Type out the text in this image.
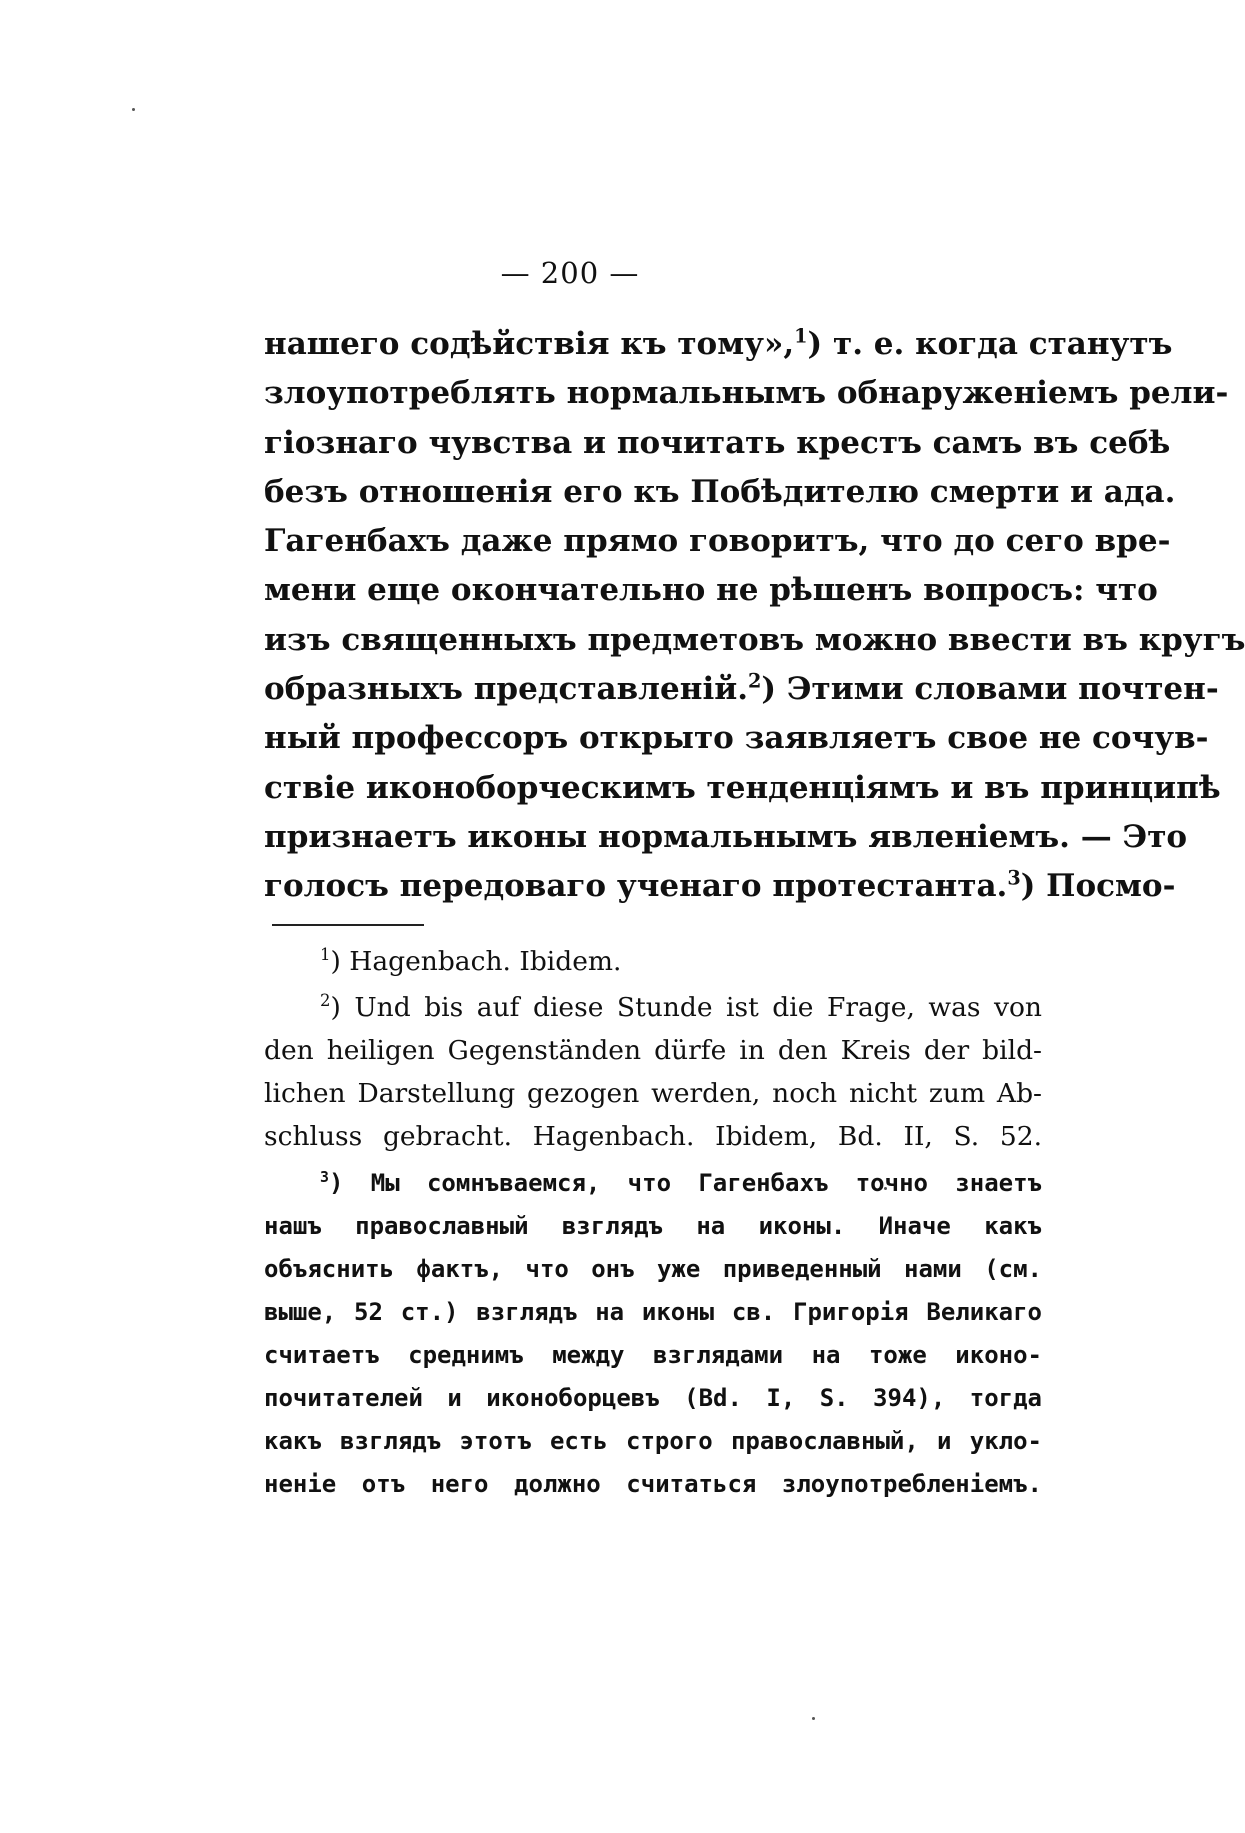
— 200 —
нашего содѣйствія къ тому»,$^1$) т. е. когда станутъ
злоупотреблять нормальнымъ обнаруженіемъ рели-
гіознаго чувства и почитать крестъ самъ въ себѣ
безъ отношенія его къ Побѣдителю смерти и ада.
Гагенбахъ даже прямо говоритъ, что до сего вре-
мени еще окончательно не рѣшенъ вопросъ: что
изъ священныхъ предметовъ можно ввести въ кругъ
образныхъ представленій.$^2$) Этими словами почтен-
ный профессоръ открыто заявляетъ свое не сочув-
ствіе иконоборческимъ тенденціямъ и въ принципѣ
признаетъ иконы нормальнымъ явленіемъ. — Это
голосъ передоваго ученаго протестанта.$^3$) Посмо-
$^1$) Hagenbach. Ibidem.
$^2$) Und bis auf diese Stunde ist die Frage, was von
den heiligen Gegenständen dürfe in den Kreis der bild-
lichen Darstellung gezogen werden, noch nicht zum Ab-
schluss gebracht. Hagenbach. Ibidem, Bd. II, S. 52.
$^3$) Мы сомнъваемся, что Гагенбахъ точно знаетъ
нашъ православный взглядъ на иконы. Иначе какъ
объяснить фактъ, что онъ уже приведенный нами (см.
выше, 52 ст.) взглядъ на иконы св. Григорія Великаго
считаетъ среднимъ между взглядами на тоже иконо-
почитателей и иконоборцевъ (Bd. I, S. 394), тогда
какъ взглядъ этотъ есть строго православный, и укло-
неніе отъ него должно считаться злоупотребленіемъ.
